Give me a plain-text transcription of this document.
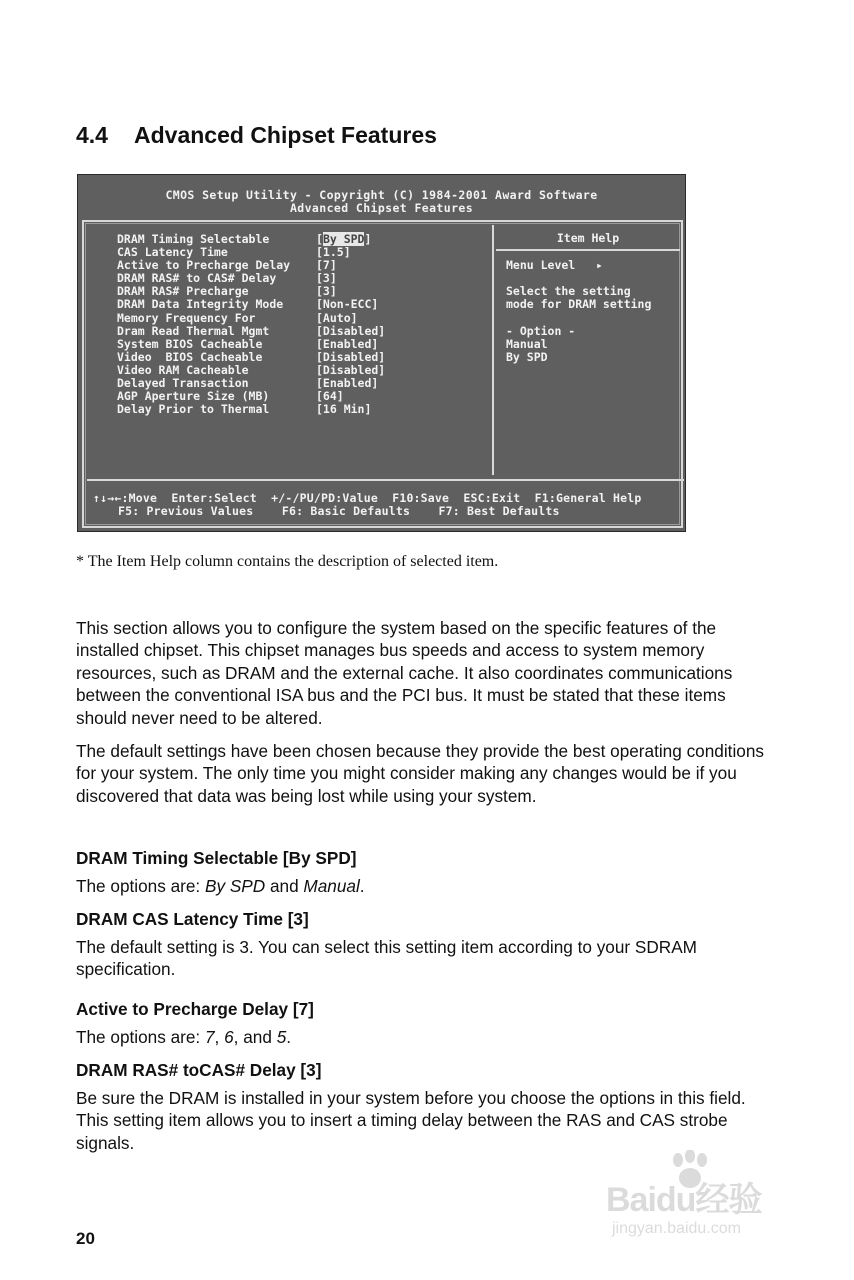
4.4 Advanced Chipset Features
CMOS Setup Utility - Copyright (C) 1984-2001 Award Software
Advanced Chipset Features
DRAM Timing Selectable	[By SPD]
CAS Latency Time	[1.5]
Active to Precharge Delay	[7]
DRAM RAS# to CAS# Delay	[3]
DRAM RAS# Precharge	[3]
DRAM Data Integrity Mode	[Non-ECC]
Memory Frequency For	[Auto]
Dram Read Thermal Mgmt	[Disabled]
System BIOS Cacheable	[Enabled]
Video  BIOS Cacheable	[Disabled]
Video RAM Cacheable	[Disabled]
Delayed Transaction	[Enabled]
AGP Aperture Size (MB)	[64]
Delay Prior to Thermal	[16 Min]
Item Help
Menu Level   ▸
Select the setting
mode for DRAM setting
- Option -
Manual
By SPD
↑↓→←:Move  Enter:Select  +/-/PU/PD:Value  F10:Save  ESC:Exit  F1:General Help
F5: Previous Values    F6: Basic Defaults    F7: Best Defaults
* The Item Help column contains the description of selected item.

This section allows you to configure the system based on the specific features of the installed chipset. This chipset manages bus speeds and access to system memory resources, such as DRAM and the external cache. It also coordinates communications between the conventional ISA bus and the PCI bus. It must be stated that these items should never need to be altered.

The default settings have been chosen because they provide the best operating conditions for your system. The only time you might consider making any changes would be if you discovered that data was being lost while using your system.

DRAM Timing Selectable [By SPD]
The options are: By SPD and Manual.
DRAM CAS Latency Time [3]
The default setting is 3. You can select this setting item according to your SDRAM specification.
Active to Precharge Delay [7]
The options are: 7, 6, and 5.
DRAM RAS# toCAS# Delay [3]
Be sure the DRAM is installed in your system before you choose the options in this field. This setting item allows you to insert a timing delay between the RAS and CAS strobe signals.
20
Baidu经验
jingyan.baidu.com
